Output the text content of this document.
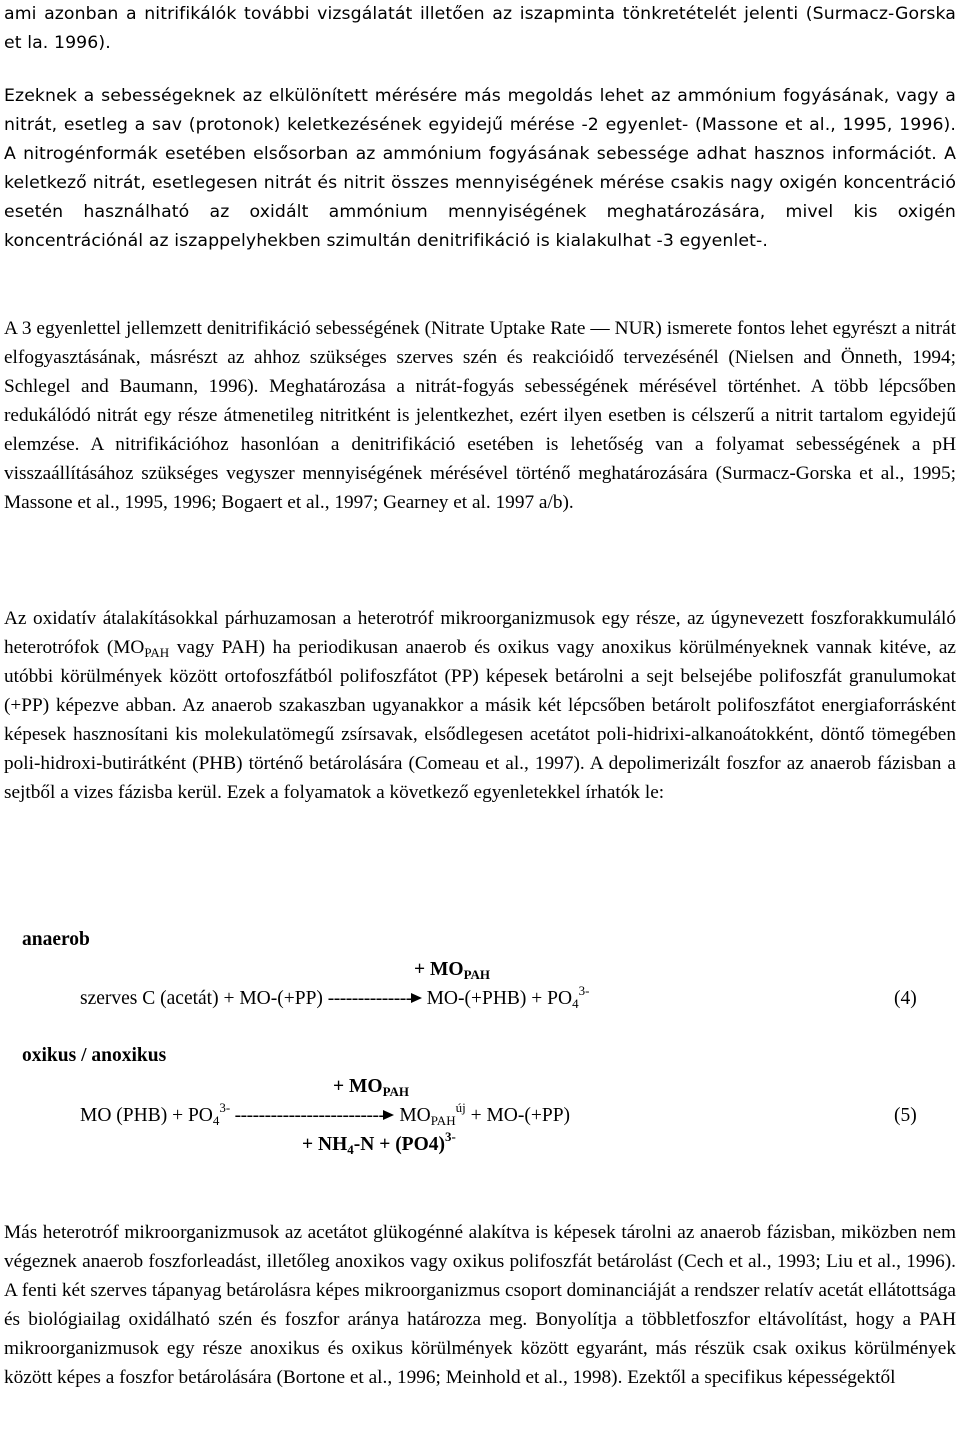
ami azonban a nitrifikálók további vizsgálatát illetően az iszapminta tönkretételét jelenti (Surmacz-Gorska et la. 1996).

Ezeknek a sebességeknek az elkülönített mérésére más megoldás lehet az ammónium fogyásának, vagy a nitrát, esetleg a sav (protonok) keletkezésének egyidejű mérése -2 egyenlet- (Massone et al., 1995, 1996). A nitrogénformák esetében elsősorban az ammónium fogyásának sebessége adhat hasznos információt. A keletkező nitrát, esetlegesen nitrát és nitrit összes mennyiségének mérése csakis nagy oxigén koncentráció esetén használható az oxidált ammónium mennyiségének meghatározására, mivel kis oxigén koncentrációnál az iszappelyhekben szimultán denitrifikáció is kialakulhat -3 egyenlet-.

A 3 egyenlettel jellemzett denitrifikáció sebességének (Nitrate Uptake Rate ― NUR) ismerete fontos lehet egyrészt a nitrát elfogyasztásának, másrészt az ahhoz szükséges szerves szén és reakcióidő tervezésénél (Nielsen and Önneth, 1994; Schlegel and Baumann, 1996). Meghatározása a nitrát-fogyás sebességének mérésével történhet. A több lépcsőben redukálódó nitrát egy része átmenetileg nitritként is jelentkezhet, ezért ilyen esetben is célszerű a nitrit tartalom egyidejű elemzése. A nitrifikációhoz hasonlóan a denitrifikáció esetében is lehetőség van a folyamat sebességének a pH visszaállításához szükséges vegyszer mennyiségének mérésével történő meghatározására (Surmacz-Gorska et al., 1995; Massone et al., 1995, 1996; Bogaert et al., 1997; Gearney et al. 1997 a/b).

Az oxidatív átalakításokkal párhuzamosan a heterotróf mikroorganizmusok egy része, az úgynevezett foszforakkumuláló heterotrófok ($MO_{PAH}$ vagy PAH) ha periodikusan anaerob és oxikus vagy anoxikus körülményeknek vannak kitéve, az utóbbi körülmények között ortofoszfátból polifoszfátot (PP) képesek betárolni a sejt belsejébe polifoszfát granulumokat (+PP) képezve abban. Az anaerob szakaszban ugyanakkor a másik két lépcsőben betárolt polifoszfátot energiaforrásként képesek hasznosítani kis molekulatömegű zsírsavak, elsődlegesen acetátot poli-hidrixi-alkanoátokként, döntő tömegében poli-hidroxi-butirátként (PHB) történő betárolására (Comeau et al., 1997). A depolimerizált foszfor az anaerob fázisban a sejtből a vizes fázisba kerül. Ezek a folyamatok a következő egyenletekkel írhatók le:

anaerob
+ $MO_{PAH}$
szerves C (acetát) + MO-(+PP) -------------- $MO-(+PHB) + PO_4^{3-}$	(4)
oxikus / anoxikus
+ $MO_{PAH}$
MO $(PHB) + PO_4^{3-}$ ------------------------- $MO_{PAH}^{új} + MO-(+PP)$	(5)
+ $NH_4-N + (PO4)^{3-}$

Más heterotróf mikroorganizmusok az acetátot glükogénné alakítva is képesek tárolni az anaerob fázisban, miközben nem végeznek anaerob foszforleadást, illetőleg anoxikos vagy oxikus polifoszfát betárolást (Cech et al., 1993; Liu et al., 1996). A fenti két szerves tápanyag betárolásra képes mikroorganizmus csoport dominanciáját a rendszer relatív acetát ellátottsága és biológiailag oxidálható szén és foszfor aránya határozza meg. Bonyolítja a többletfoszfor eltávolítást, hogy a PAH mikroorganizmusok egy része anoxikus és oxikus körülmények között egyaránt, más részük csak oxikus körülmények között képes a foszfor betárolására (Bortone et al., 1996; Meinhold et al., 1998). Ezektől a specifikus képességektől
